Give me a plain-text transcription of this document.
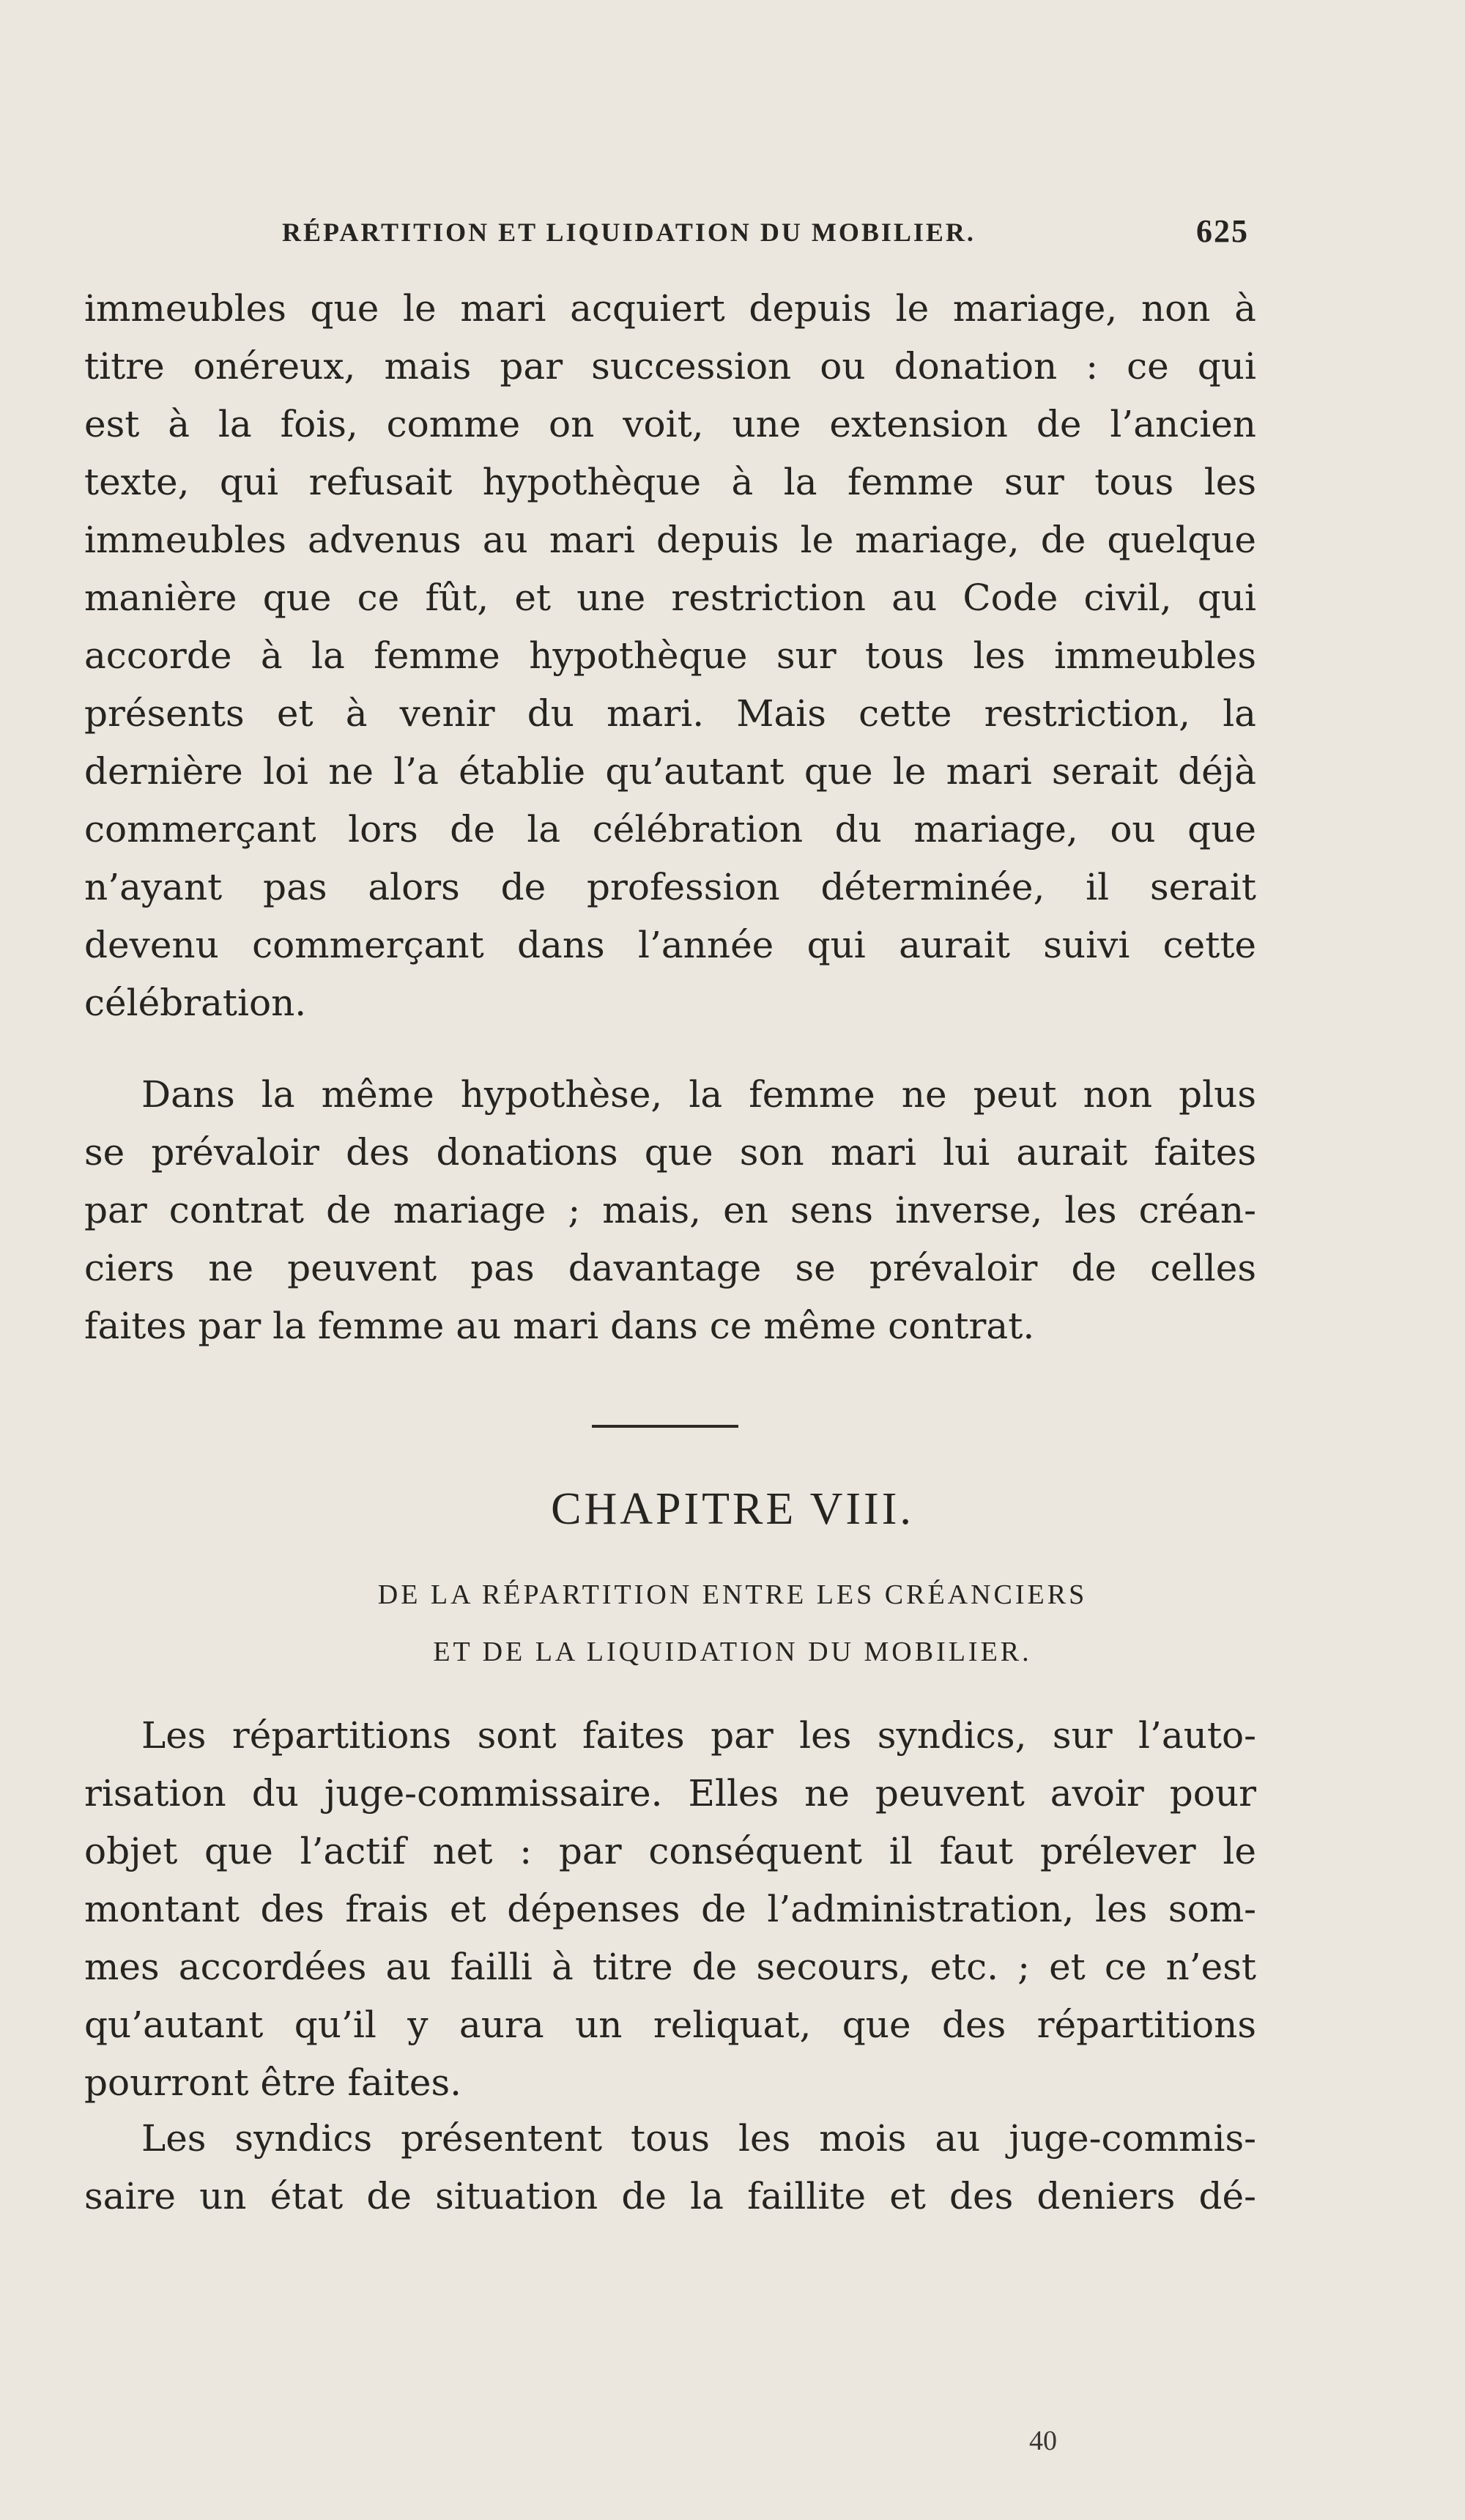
RÉPARTITION ET LIQUIDATION DU MOBILIER.	625
immeubles que le mari acquiert depuis le mariage, non à
titre onéreux, mais par succession ou donation : ce qui
est à la fois, comme on voit, une extension de l’ancien
texte, qui refusait hypothèque à la femme sur tous les
immeubles advenus au mari depuis le mariage, de quelque
manière que ce fût, et une restriction au Code civil, qui
accorde à la femme hypothèque sur tous les immeubles
présents et à venir du mari. Mais cette restriction, la
dernière loi ne l’a établie qu’autant que le mari serait déjà
commerçant lors de la célébration du mariage, ou que
n’ayant pas alors de profession déterminée, il serait
devenu commerçant dans l’année qui aurait suivi cette
célébration.
Dans la même hypothèse, la femme ne peut non plus
se prévaloir des donations que son mari lui aurait faites
par contrat de mariage ; mais, en sens inverse, les créan-
ciers ne peuvent pas davantage se prévaloir de celles
faites par la femme au mari dans ce même contrat.
CHAPITRE VIII.
DE LA RÉPARTITION ENTRE LES CRÉANCIERS
ET DE LA LIQUIDATION DU MOBILIER.
Les répartitions sont faites par les syndics, sur l’auto-
risation du juge-commissaire. Elles ne peuvent avoir pour
objet que l’actif net : par conséquent il faut prélever le
montant des frais et dépenses de l’administration, les som-
mes accordées au failli à titre de secours, etc. ; et ce n’est
qu’autant qu’il y aura un reliquat, que des répartitions
pourront être faites.
Les syndics présentent tous les mois au juge-commis-
saire un état de situation de la faillite et des deniers dé-
40
